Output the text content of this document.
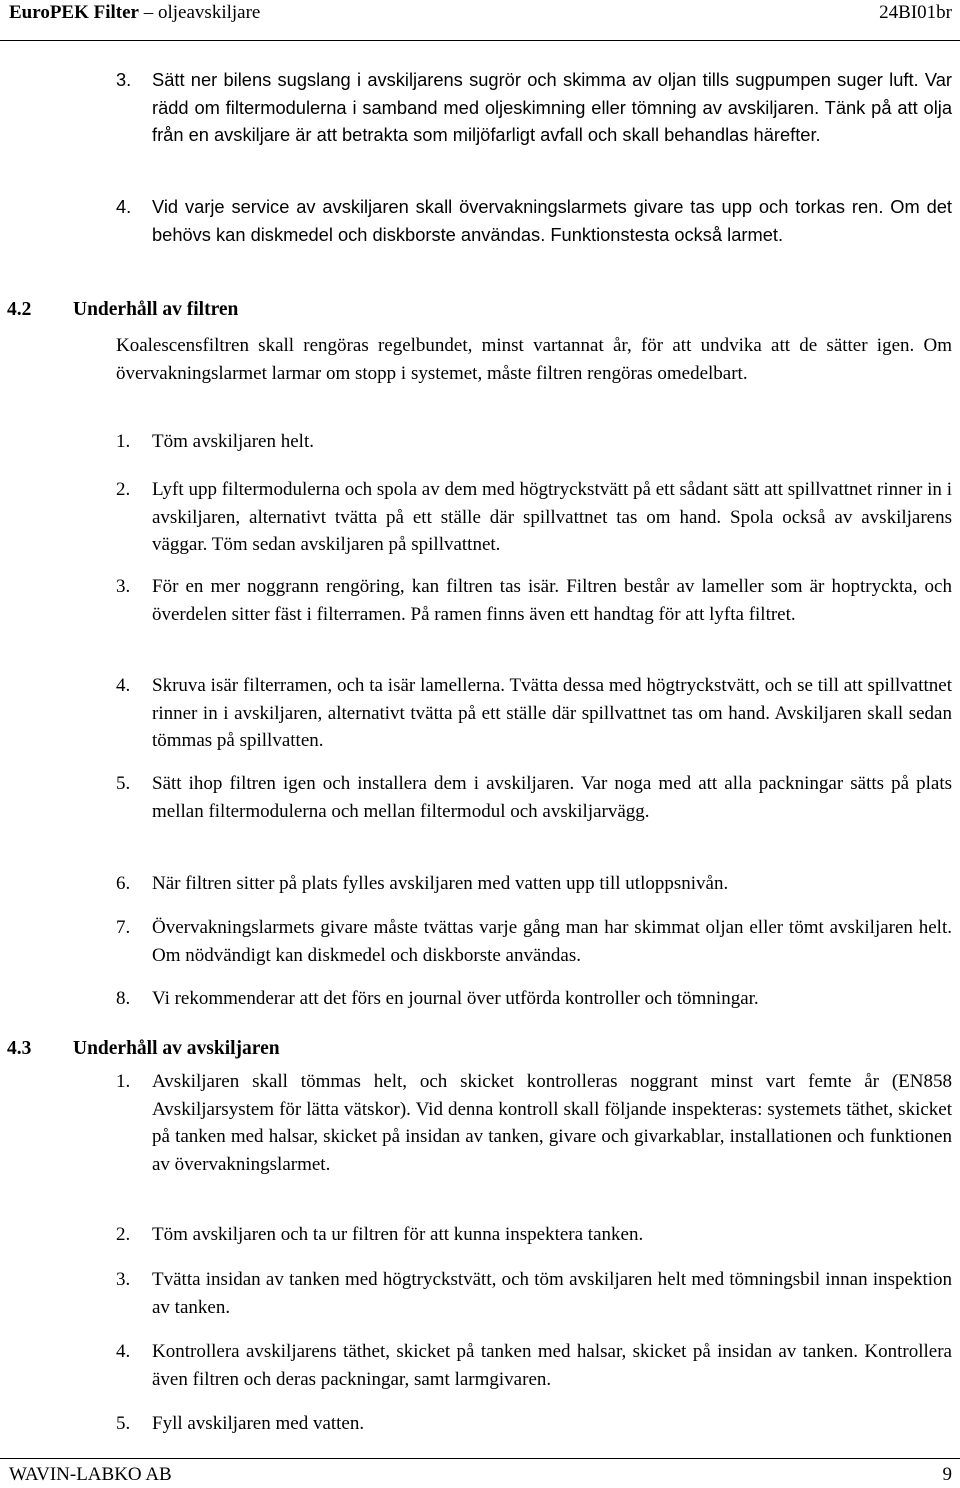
EuroPEK Filter – oljeavskiljare	24BI01br
3.	Sätt ner bilens sugslang i avskiljarens sugrör och skimma av oljan tills sugpumpen suger luft. Var rädd om filtermodulerna i samband med oljeskimning eller tömning av avskiljaren. Tänk på att olja från en avskiljare är att betrakta som miljöfarligt avfall och skall behandlas härefter.
4.	Vid varje service av avskiljaren skall övervakningslarmets givare tas upp och torkas ren. Om det behövs kan diskmedel och diskborste användas. Funktionstesta också larmet.
4.2 Underhåll av filtren
Koalescensfiltren skall rengöras regelbundet, minst vartannat år, för att undvika att de sätter igen. Om övervakningslarmet larmar om stopp i systemet, måste filtren rengöras omedelbart.
1.	Töm avskiljaren helt.
2.	Lyft upp filtermodulerna och spola av dem med högtryckstvätt på ett sådant sätt att spillvattnet rinner in i avskiljaren, alternativt tvätta på ett ställe där spillvattnet tas om hand. Spola också av avskiljarens väggar. Töm sedan avskiljaren på spillvattnet.
3.	För en mer noggrann rengöring, kan filtren tas isär. Filtren består av lameller som är hoptryckta, och överdelen sitter fäst i filterramen. På ramen finns även ett handtag för att lyfta filtret.
4.	Skruva isär filterramen, och ta isär lamellerna. Tvätta dessa med högtryckstvätt, och se till att spillvattnet rinner in i avskiljaren, alternativt tvätta på ett ställe där spillvattnet tas om hand. Avskiljaren skall sedan tömmas på spillvatten.
5.	Sätt ihop filtren igen och installera dem i avskiljaren. Var noga med att alla packningar sätts på plats mellan filtermodulerna och mellan filtermodul och avskiljarvägg.
6.	När filtren sitter på plats fylles avskiljaren med vatten upp till utloppsnivån.
7.	Övervakningslarmets givare måste tvättas varje gång man har skimmat oljan eller tömt avskiljaren helt. Om nödvändigt kan diskmedel och diskborste användas.
8.	Vi rekommenderar att det förs en journal över utförda kontroller och tömningar.
4.3 Underhåll av avskiljaren
1.	Avskiljaren skall tömmas helt, och skicket kontrolleras noggrant minst vart femte år (EN858 Avskiljarsystem för lätta vätskor). Vid denna kontroll skall följande inspekteras: systemets täthet, skicket på tanken med halsar, skicket på insidan av tanken, givare och givarkablar, installationen och funktionen av övervakningslarmet.
2.	Töm avskiljaren och ta ur filtren för att kunna inspektera tanken.
3.	Tvätta insidan av tanken med högtryckstvätt, och töm avskiljaren helt med tömningsbil innan inspektion av tanken.
4.	Kontrollera avskiljarens täthet, skicket på tanken med halsar, skicket på insidan av tanken. Kontrollera även filtren och deras packningar, samt larmgivaren.
5.	Fyll avskiljaren med vatten.
WAVIN-LABKO AB	9
